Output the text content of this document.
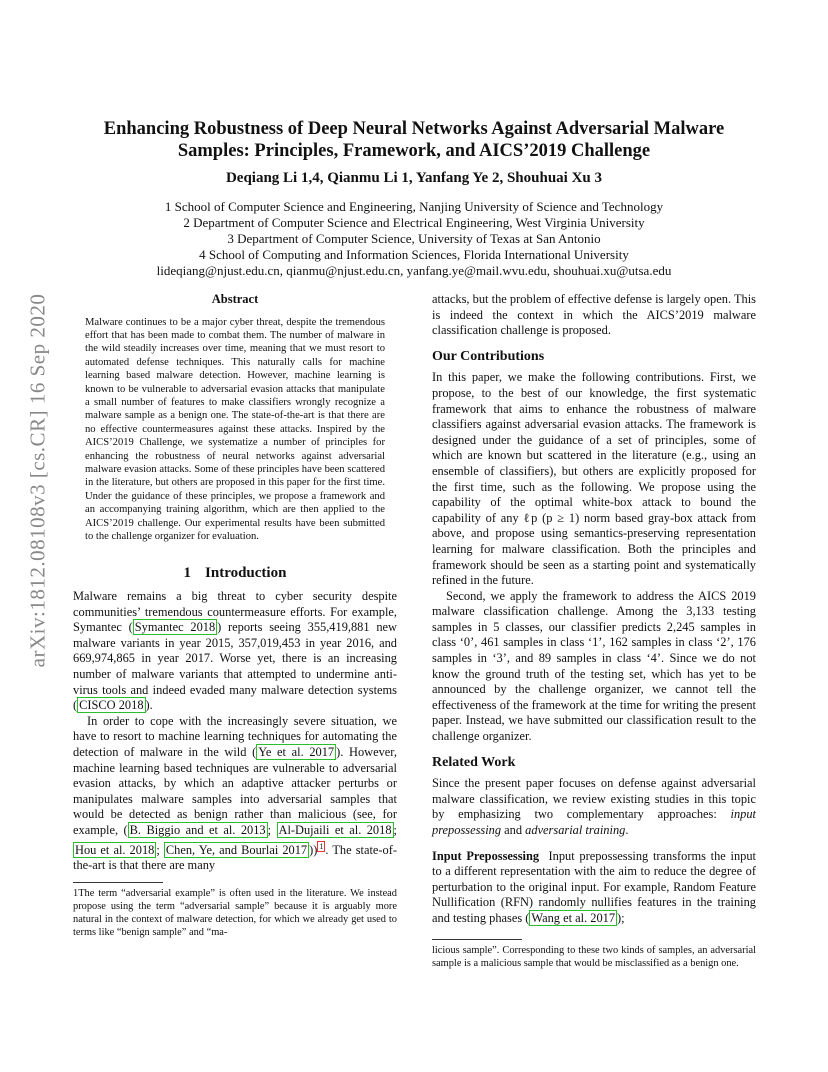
arXiv:1812.08108v3 [cs.CR] 16 Sep 2020
Enhancing Robustness of Deep Neural Networks Against Adversarial Malware
Samples: Principles, Framework, and AICS’2019 Challenge
Deqiang Li 1,4, Qianmu Li 1, Yanfang Ye 2, Shouhuai Xu 3
1 School of Computer Science and Engineering, Nanjing University of Science and Technology
2 Department of Computer Science and Electrical Engineering, West Virginia University
3 Department of Computer Science, University of Texas at San Antonio
4 School of Computing and Information Sciences, Florida International University
lideqiang@njust.edu.cn, qianmu@njust.edu.cn, yanfang.ye@mail.wvu.edu, shouhuai.xu@utsa.edu
Abstract
Malware continues to be a major cyber threat, despite the tremendous effort that has been made to combat them. The number of malware in the wild steadily increases over time, meaning that we must resort to automated defense techniques. This naturally calls for machine learning based malware detection. However, machine learning is known to be vulnerable to adversarial evasion attacks that manipulate a small number of features to make classifiers wrongly recognize a malware sample as a benign one. The state-of-the-art is that there are no effective countermeasures against these attacks. Inspired by the AICS’2019 Challenge, we systematize a number of principles for enhancing the robustness of neural networks against adversarial malware evasion attacks. Some of these principles have been scattered in the literature, but others are proposed in this paper for the first time. Under the guidance of these principles, we propose a framework and an accompanying training algorithm, which are then applied to the AICS’2019 challenge. Our experimental results have been submitted to the challenge organizer for evaluation.
1 Introduction

Malware remains a big threat to cyber security despite communities’ tremendous countermeasure efforts. For example, Symantec ( Symantec 2018 ) reports seeing 355,419,881 new malware variants in year 2015, 357,019,453 in year 2016, and 669,974,865 in year 2017. Worse yet, there is an increasing number of malware variants that attempted to undermine anti-virus tools and indeed evaded many malware detection systems ( CISCO 2018 ).

In order to cope with the increasingly severe situation, we have to resort to machine learning techniques for automating the detection of malware in the wild ( Ye et al. 2017 ). However, machine learning based techniques are vulnerable to adversarial evasion attacks, by which an adaptive attacker perturbs or manipulates malware samples into adversarial samples that would be detected as benign rather than malicious (see, for example, ( B. Biggio and et al. 2013 ; Al-Dujaili et al. 2018 ; Hou et al. 2018 ; Chen, Ye, and Bourlai 2017 )) $^1$ . The state-of-the-art is that there are many

1The term “adversarial example” is often used in the literature. We instead propose using the term “adversarial sample” because it is arguably more natural in the context of malware detection, for which we already get used to terms like “benign sample” and “ma-

attacks, but the problem of effective defense is largely open. This is indeed the context in which the AICS’2019 malware classification challenge is proposed.

Our Contributions

In this paper, we make the following contributions. First, we propose, to the best of our knowledge, the first systematic framework that aims to enhance the robustness of malware classifiers against adversarial evasion attacks. The framework is designed under the guidance of a set of principles, some of which are known but scattered in the literature (e.g., using an ensemble of classifiers), but others are explicitly proposed for the first time, such as the following. We propose using the capability of the optimal white-box attack to bound the capability of any ℓp (p ≥ 1) norm based gray-box attack from above, and propose using semantics-preserving representation learning for malware classification. Both the principles and framework should be seen as a starting point and systematically refined in the future.

Second, we apply the framework to address the AICS 2019 malware classification challenge. Among the 3,133 testing samples in 5 classes, our classifier predicts 2,245 samples in class ‘0’, 461 samples in class ‘1’, 162 samples in class ‘2’, 176 samples in ‘3’, and 89 samples in class ‘4’. Since we do not know the ground truth of the testing set, which has yet to be announced by the challenge organizer, we cannot tell the effectiveness of the framework at the time for writing the present paper. Instead, we have submitted our classification result to the challenge organizer.

Related Work

Since the present paper focuses on defense against adversarial malware classification, we review existing studies in this topic by emphasizing two complementary approaches: input prepossessing and adversarial training.

Input Prepossessing Input prepossessing transforms the input to a different representation with the aim to reduce the degree of perturbation to the original input. For example, Random Feature Nullification (RFN) randomly nullifies features in the training and testing phases ( Wang et al. 2017 );

licious sample”. Corresponding to these two kinds of samples, an adversarial sample is a malicious sample that would be misclassified as a benign one.
